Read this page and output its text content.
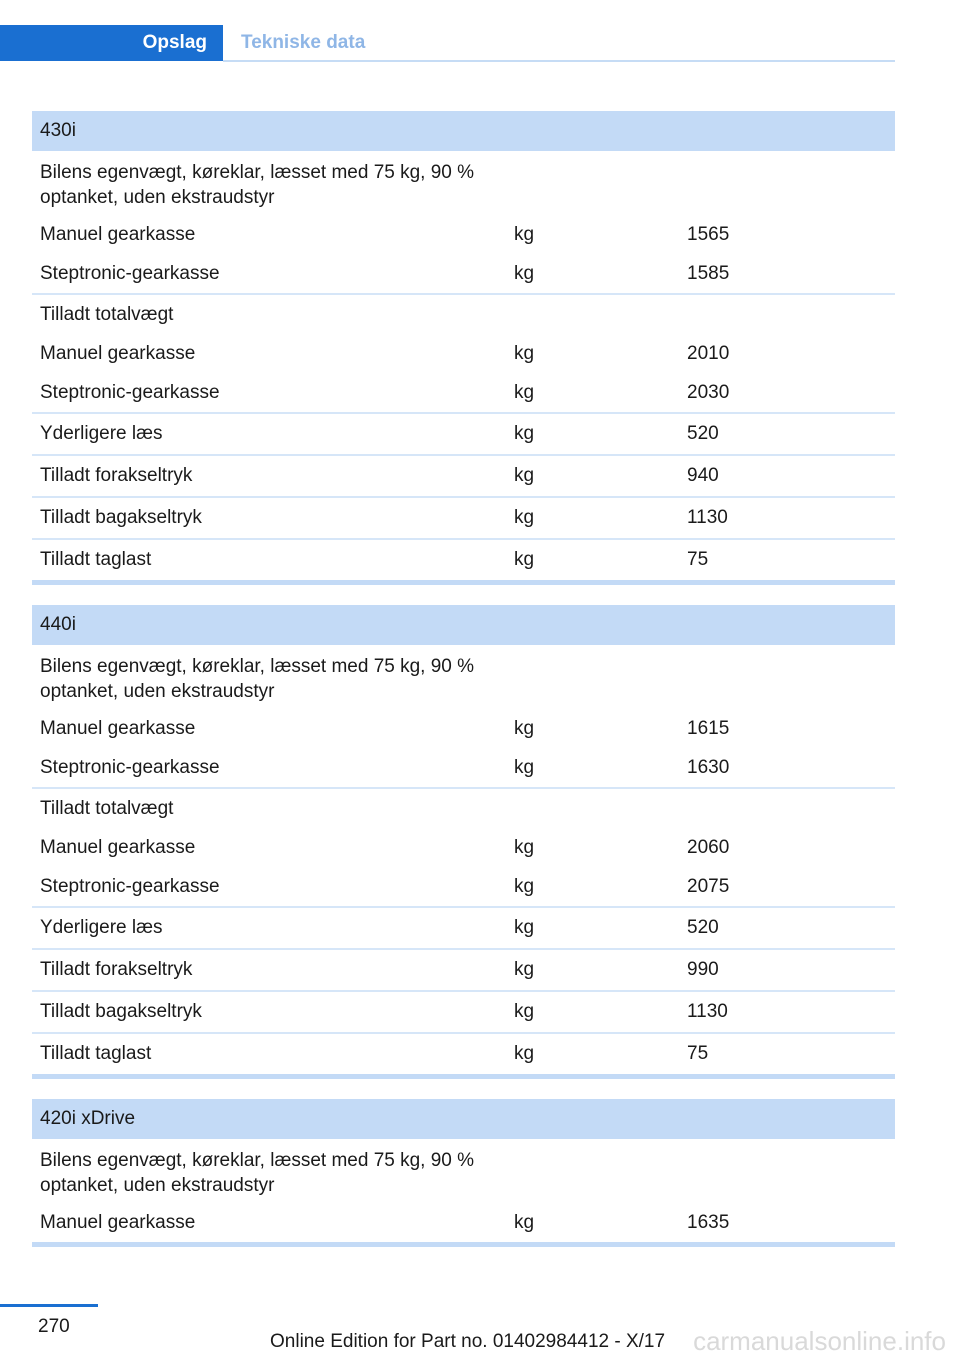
Opslag	Tekniske data
430i
Bilens egenvægt, køreklar, læsset med 75 kg, 90 % optanket, uden ekstraudstyr
Manuel gearkasse	kg	1565
Steptronic-gearkasse	kg	1585
Tilladt totalvægt
Manuel gearkasse	kg	2010
Steptronic-gearkasse	kg	2030
Yderligere læs	kg	520
Tilladt forakseltryk	kg	940
Tilladt bagakseltryk	kg	1130
Tilladt taglast	kg	75
440i
Bilens egenvægt, køreklar, læsset med 75 kg, 90 % optanket, uden ekstraudstyr
Manuel gearkasse	kg	1615
Steptronic-gearkasse	kg	1630
Tilladt totalvægt
Manuel gearkasse	kg	2060
Steptronic-gearkasse	kg	2075
Yderligere læs	kg	520
Tilladt forakseltryk	kg	990
Tilladt bagakseltryk	kg	1130
Tilladt taglast	kg	75
420i xDrive
Bilens egenvægt, køreklar, læsset med 75 kg, 90 % optanket, uden ekstraudstyr
Manuel gearkasse	kg	1635
270
Online Edition for Part no. 01402984412 - X/17 carmanualsonline.info
